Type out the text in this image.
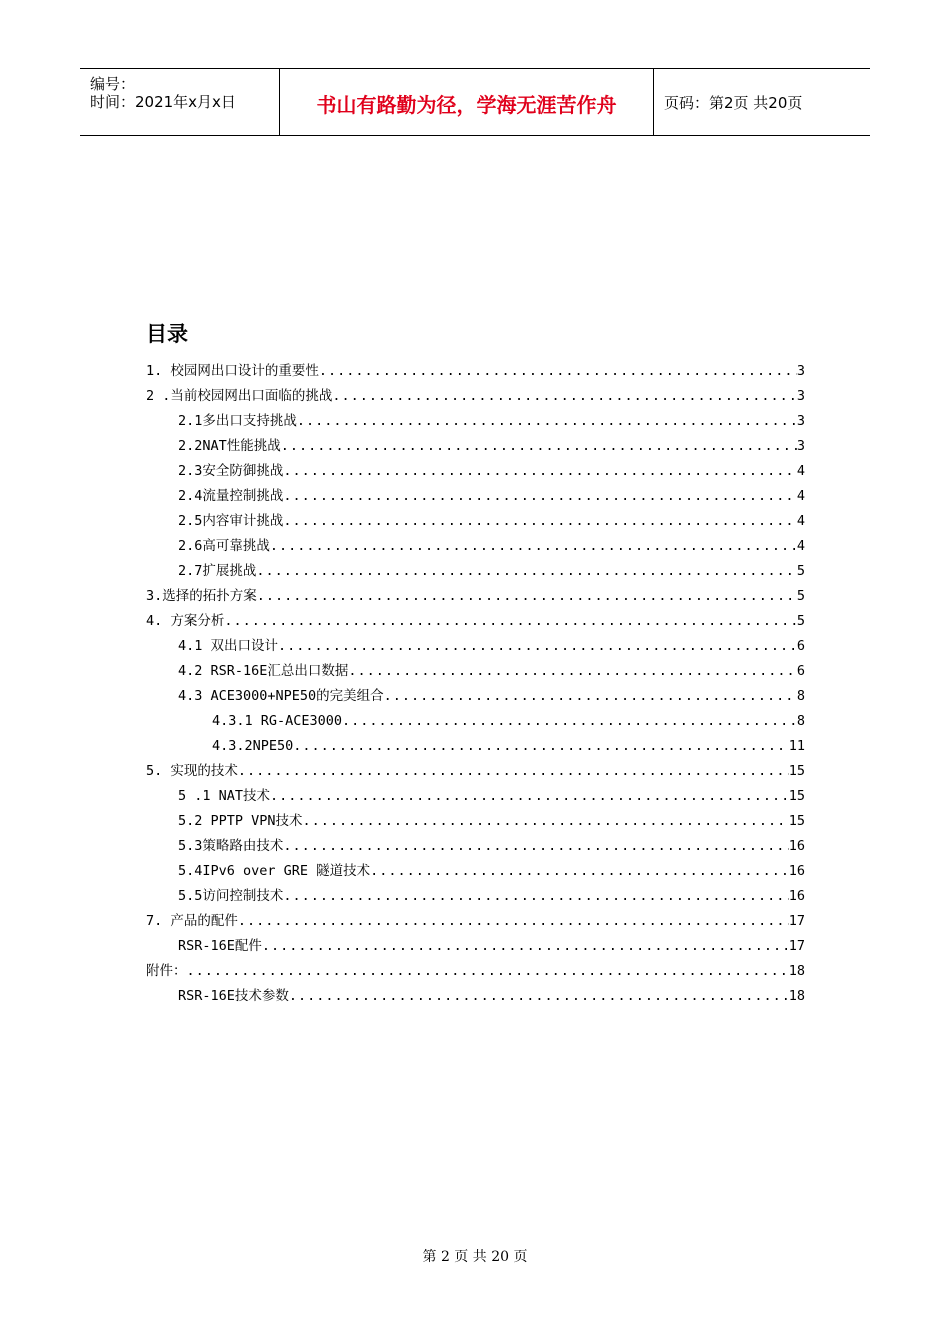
编号：
时间：2021年x月x日	书山有路勤为径，学海无涯苦作舟	页码：第2页 共20页
目录
1. 校园网出口设计的重要性 .....	3
2 .当前校园网出口面临的挑战 .....	3
2.1多出口支持挑战 .....	3
2.2NAT性能挑战 .....	3
2.3安全防御挑战 .....	4
2.4流量控制挑战 .....	4
2.5内容审计挑战 .....	4
2.6高可靠挑战 .....	4
2.7扩展挑战 .....	5
3.选择的拓扑方案 .....	5
4. 方案分析 .....	5
4.1 双出口设计 .....	6
4.2 RSR-16E汇总出口数据 .....	6
4.3 ACE3000+NPE50的完美组合 .....	8
4.3.1 RG-ACE3000 .....	8
4.3.2NPE50 .....	11
5. 实现的技术 .....	15
5 .1 NAT技术 .....	15
5.2 PPTP VPN技术 .....	15
5.3策略路由技术 .....	16
5.4IPv6 over GRE 隧道技术 .....	16
5.5访问控制技术 .....	16
7. 产品的配件 .....	17
RSR-16E配件 .....	17
附件： .....	18
RSR-16E技术参数 .....	18
第 2 页 共 20 页
